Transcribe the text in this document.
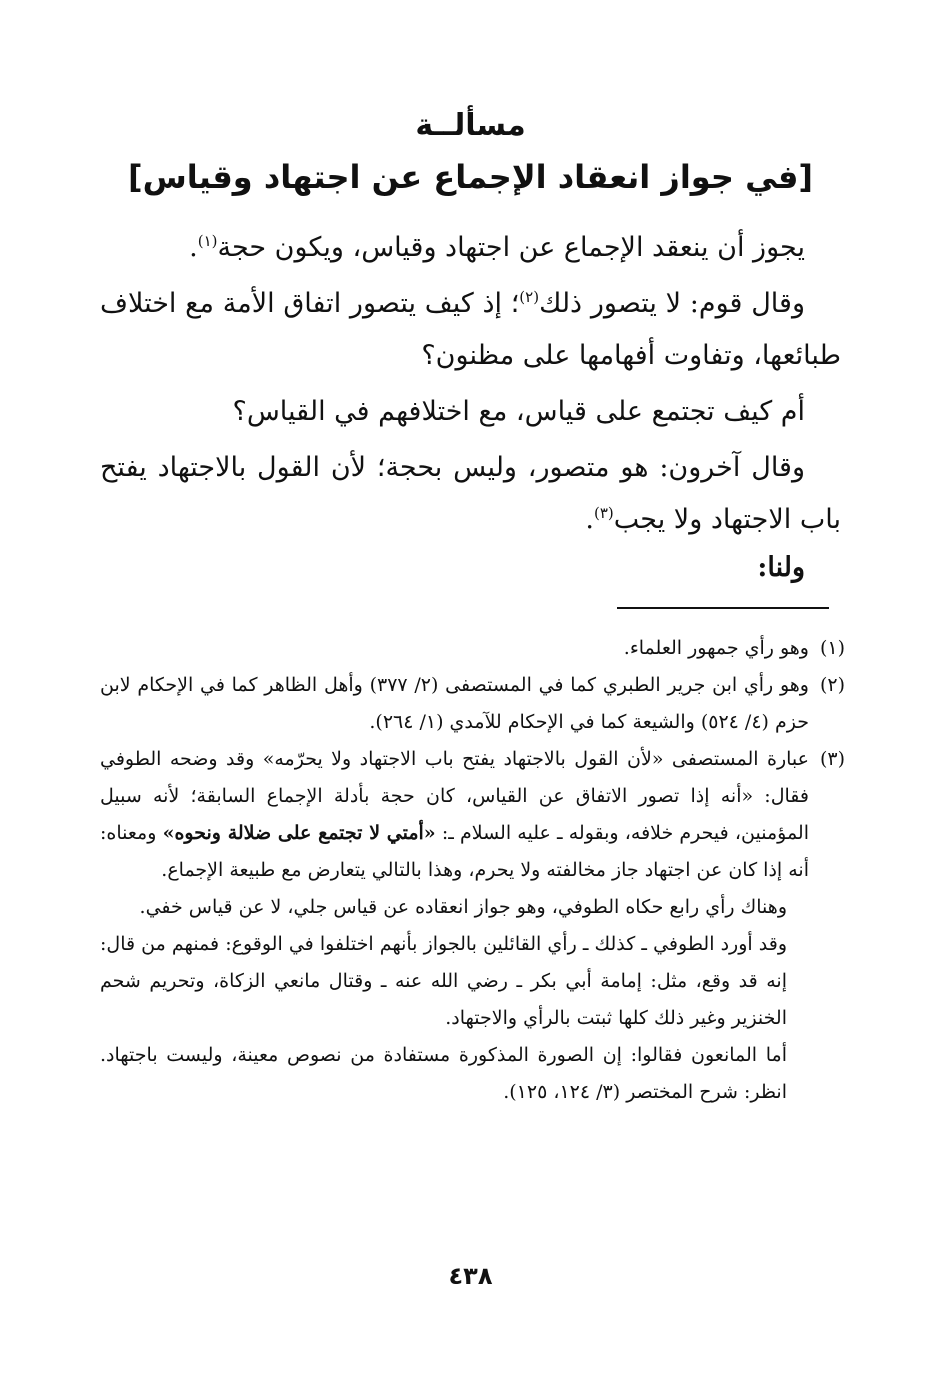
مسألــة
[في جواز انعقاد الإجماع عن اجتهاد وقياس]
يجوز أن ينعقد الإجماع عن اجتهاد وقياس، ويكون حجة$^{(١)}$.
وقال قوم: لا يتصور ذلك$^{(٢)}$؛ إذ كيف يتصور اتفاق الأمة مع اختلاف طبائعها، وتفاوت أفهامها على مظنون؟
أم كيف تجتمع على قياس، مع اختلافهم في القياس؟
وقال آخرون: هو متصور، وليس بحجة؛ لأن القول بالاجتهاد يفتح باب الاجتهاد ولا يجب$^{(٣)}$.
ولنا:
(١)
وهو رأي جمهور العلماء.
(٢)
وهو رأي ابن جرير الطبري كما في المستصفى (٢/ ٣٧٧) وأهل الظاهر كما في الإحكام لابن حزم (٤/ ٥٢٤) والشيعة كما في الإحكام للآمدي (١/ ٢٦٤).
(٣)
عبارة المستصفى «لأن القول بالاجتهاد يفتح باب الاجتهاد ولا يحرّمه» وقد وضحه الطوفي فقال: «أنه إذا تصور الاتفاق عن القياس، كان حجة بأدلة الإجماع السابقة؛ لأنه سبيل المؤمنين، فيحرم خلافه، وبقوله ـ عليه السلام ـ: «أمتي لا تجتمع على ضلالة ونحوه» ومعناه: أنه إذا كان عن اجتهاد جاز مخالفته ولا يحرم، وهذا بالتالي يتعارض مع طبيعة الإجماع.
وهناك رأي رابع حكاه الطوفي، وهو جواز انعقاده عن قياس جلي، لا عن قياس خفي.
وقد أورد الطوفي ـ كذلك ـ رأي القائلين بالجواز بأنهم اختلفوا في الوقوع: فمنهم من قال: إنه قد وقع، مثل: إمامة أبي بكر ـ رضي الله عنه ـ وقتال مانعي الزكاة، وتحريم شحم الخنزير وغير ذلك كلها ثبتت بالرأي والاجتهاد.
أما المانعون فقالوا: إن الصورة المذكورة مستفادة من نصوص معينة، وليست باجتهاد. انظر: شرح المختصر (٣/ ١٢٤، ١٢٥).
٤٣٨
